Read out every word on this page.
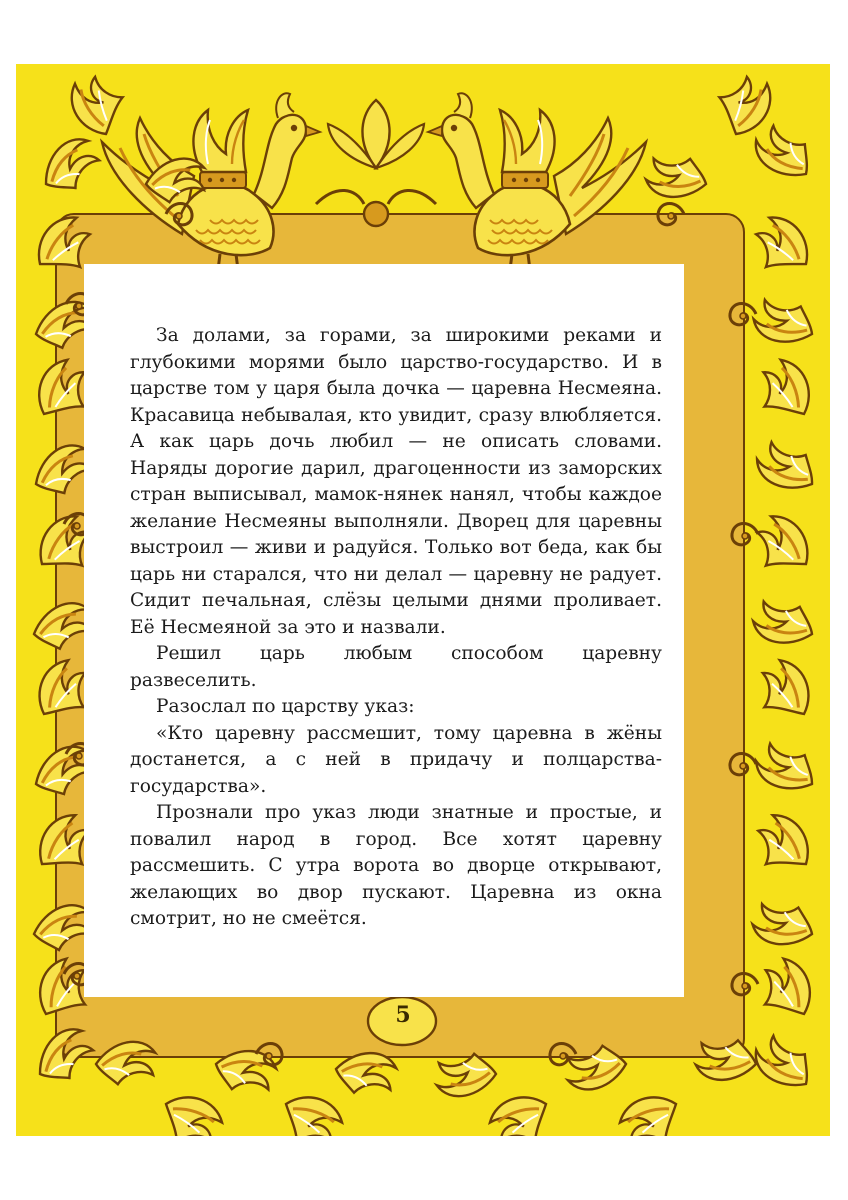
За долами, за горами, за широкими реками и глубокими морями было царство-государство. И в царстве том у царя была дочка — царевна Несмеяна. Красавица небывалая, кто увидит, сразу влюбляется. А как царь дочь любил — не описать словами. Наряды дорогие дарил, драгоценности из заморских стран выписывал, мамок-нянек нанял, чтобы каждое желание Несмеяны выполняли. Дворец для царевны выстроил — живи и радуйся. Только вот беда, как бы царь ни старался, что ни делал — царевну не радует. Сидит печальная, слёзы целыми днями проливает. Её Несмеяной за это и назвали.

Решил царь любым способом царевну развеселить.

Разослал по царству указ:

«Кто царевну рассмешит, тому царевна в жёны достанется, а с ней в придачу и полцарства-государства».

Прознали про указ люди знатные и простые, и повалил народ в город. Все хотят царевну рассмешить. С утра ворота во дворце открывают, желающих во двор пускают. Царевна из окна смотрит, но не смеётся.

5
